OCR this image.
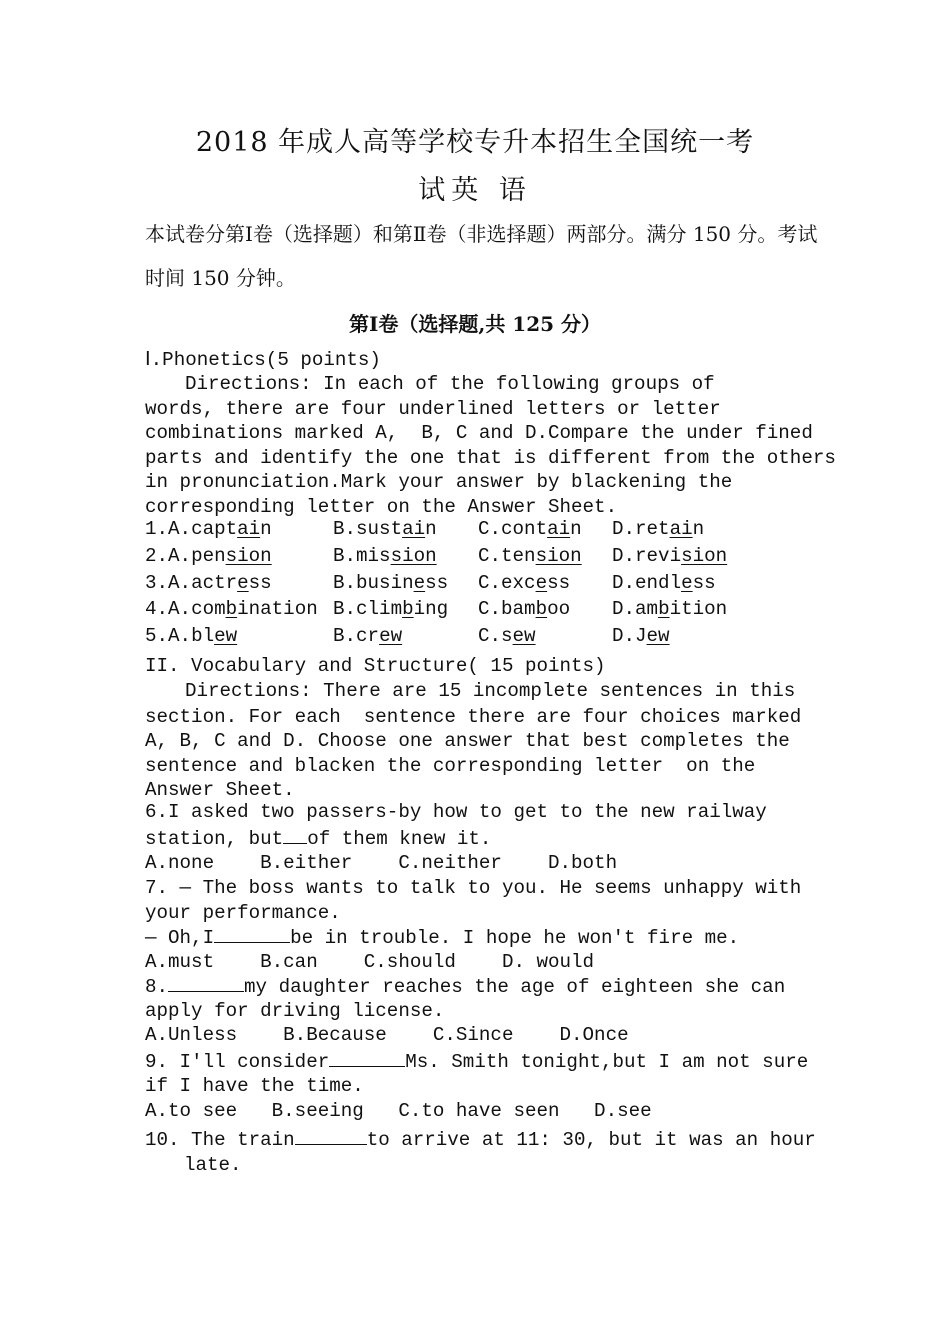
2018 年成人高等学校专升本招生全国统一考
试英 语
本试卷分第Ⅰ卷（选择题）和第Ⅱ卷（非选择题）两部分。满分 150 分。考试时间 150 分钟。
第Ⅰ卷（选择题,共 125 分）
Ⅰ.Phonetics(5 points)
Directions: In each of the following groups of
words, there are four underlined letters or letter
combinations marked A,  B, C and D.Compare the under fined
parts and identify the one that is different from the others
in pronunciation.Mark your answer by blackening the
corresponding letter on the Answer Sheet.
1.A.captain	B.sustain C.contain D.retain
2.A.pension	B.mission C.tension D.revision
3.A.actress	B.business C.excess D.endless
4.A.combination B.climbing C.bamboo D.ambition
5.A.blew	B.crew	C.sew	D.Jew
II. Vocabulary and Structure( 15 points)
Directions: There are 15 incomplete sentences in this
section. For each  sentence there are four choices marked
A, B, C and D. Choose one answer that best completes the
sentence and blacken the corresponding letter  on the
Answer Sheet.
6.I asked two passers-by how to get to the new railway
station, but of them knew it.
A.none    B.either    C.neither    D.both
7. — The boss wants to talk to you. He seems unhappy with
your performance.
— Oh,I	be in trouble. I hope he won't fire me.
A.must    B.can    C.should    D. would
8.	my daughter reaches the age of eighteen she can
apply for driving license.
A.Unless    B.Because    C.Since    D.Once
9. I'll consider	Ms. Smith tonight,but I am not sure
if I have the time.
A.to see   B.seeing   C.to have seen   D.see
10. The train	to arrive at 11: 30, but it was an hour
late.
